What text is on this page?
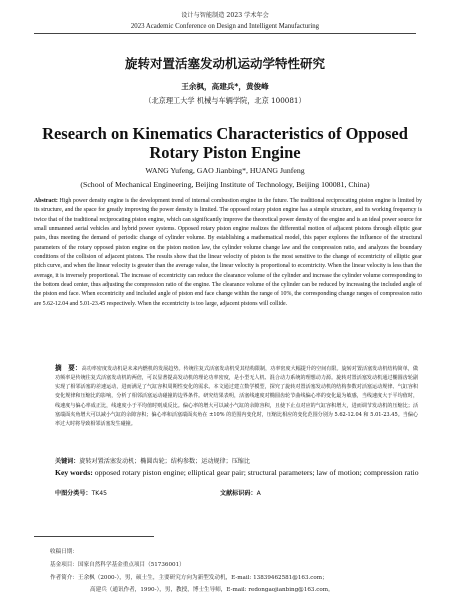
设计与智能制造 2023 学术年会
2023 Academic Conference on Design and Intelligent Manufacturing
旋转对置活塞发动机运动学特性研究
王余枫，高建兵*，黄俊峰
（北京理工大学 机械与车辆学院，北京 100081）
Research on Kinematics Characteristics of Opposed Rotary Piston Engine
WANG Yufeng, GAO Jianbing*, HUANG Junfeng
(School of Mechanical Engineering, Beijing Institute of Technology, Beijing 100081, China)
Abstract: High power density engine is the development trend of internal combustion engine in the future. The traditional reciprocating piston engine is limited by its structure, and the space for greatly improving the power density is limited. The opposed rotary piston engine has a simple structure, and its working frequency is twice that of the traditional reciprocating piston engine, which can significantly improve the theoretical power density of the engine and is an ideal power source for small unmanned aerial vehicles and hybrid power systems. Opposed rotary piston engine realizes the differential motion of adjacent pistons through elliptic gear pairs, thus meeting the demand of periodic change of cylinder volume. By establishing a mathematical model, this paper explores the influence of the structural parameters of the rotary opposed piston engine on the piston motion law, the cylinder volume change law and the compression ratio, and analyzes the boundary conditions of the collision of adjacent pistons. The results show that the linear velocity of piston is the most sensitive to the change of eccentricity of elliptic gear pitch curve, and when the linear velocity is greater than the average value, the linear velocity is proportional to eccentricity. When the linear velocity is less than the average, it is inversely proportional. The increase of eccentricity can reduce the clearance volume of the cylinder and increase the cylinder volume corresponding to the bottom dead center, thus adjusting the compression ratio of the engine. The clearance volume of the cylinder can be reduced by increasing the included angle of the piston end face. When eccentricity and included angle of piston end face change within the range of 10%, the corresponding change ranges of compression ratio are 5.62-12.04 and 5.01-23.45 respectively. When the eccentricity is too large, adjacent pistons will collide.
摘　要：高功率密度发动机是未来内燃机的发展趋势。传统往复式活塞发动机受其结构限制，功率密度大幅提升的空间有限。旋转对置活塞发动机结构简单，做功频率是传统往复式活塞发动机的两倍，可以显著提高发动机的理论功率密度，是小型无人机、混合动力系统的理想动力源。旋转对置活塞发动机通过椭圆齿轮副实现了相邻活塞的差速运动，进而满足了气缸容积周期性变化的需求。本文通过建立数学模型，探究了旋转对置活塞发动机的结构参数对活塞运动规律、气缸容积变化规律和压缩比的影响，分析了相邻活塞运动碰撞的边界条件。研究结果表明，活塞线速度对椭圆齿轮节曲线偏心率的变化最为敏感，当线速度大于平均值时，线速度与偏心率成正比，线速度小于平均值时则成反比。偏心率的增大可以减小气缸的余隙容积，且使下止点对应的气缸容积增大，进而调节发动机的压缩比；活塞端面夹角增大可以减小气缸的余隙容积；偏心率和活塞端面夹角在 ±10% 的范围内变化时，压缩比相应的变化范围分别为 5.62-12.04 和 5.01-23.45。当偏心率过大时将导致相邻活塞发生碰撞。
关键词：旋转对置活塞发动机；椭圆齿轮；结构参数；运动规律；压缩比
Key words: opposed rotary piston engine; elliptical gear pair; structural parameters; law of motion; compression ratio
中图分类号：TK45	文献标识码：A
收稿日期：
基金项目：国家自然科学基金重点项目（51736001）
作者简介：王余枫（2000-），男，硕士生，主要研究方向为新型发动机，E-mail: 13839462581@163.com；
高建兵（通讯作者，1990-），男，教授，博士生导师，E-mail: redongaojianbing@163.com。
